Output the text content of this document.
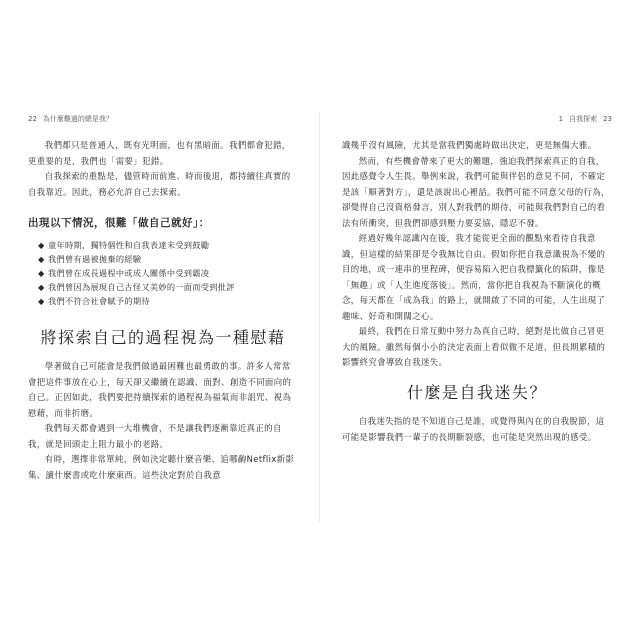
22 為什麼難過的總是我？

我們都只是普通人，既有光明面，也有黑暗面。我們都會犯錯，更重要的是，我們也「需要」犯錯。

自我探索的重點是，儘管時而前進、時而後退，都持續往真實的自我靠近。因此，務必允許自己去探索。

出現以下情況，很難「做自己就好」：
◆ 童年時期，獨特個性和自我表達未受到鼓勵
◆ 我們曾有過被拋棄的經驗
◆ 我們曾在成長過程中或成人關係中受到霸凌
◆ 我們曾因為展現自己古怪又美妙的一面而受到批評
◆ 我們不符合社會賦予的期待
將探索自己的過程視為一種慰藉

學著做自己可能會是我們做過最困難也最勇敢的事。許多人常常會把這件事放在心上，每天卻又繼續在認識、面對、創造不同面向的自己。正因如此，我們要把持續探索的過程視為福氣而非詛咒、視為慰藉，而非折磨。

我們每天都會遇到一大堆機會，不是讓我們逐漸靠近真正的自我，就是回頭走上阻力最小的老路。

有時，選擇非常單純，例如決定聽什麼音樂、追哪齣Netflix新影集、讀什麼書或吃什麼東西。這些決定對於自我意

1 自我探索 23

識幾乎沒有風險，尤其是當我們獨處時做出決定，更是無傷大雅。

然而，有些機會帶來了更大的難題，強迫我們探索真正的自我，因此感覺令人生畏。舉例來說，我們可能與伴侶的意見不同，不確定是該「順著對方」，還是該說出心裡話。我們可能不同意父母的行為，卻覺得自己沒資格發言，別人對我們的期待，可能與我們對自己的看法有所衝突，但我們卻感到壓力要妥協，隱忍不發。

經過好幾年認識內在後，我才能從更全面的觀點來看待自我意識，但這樣的結果卻是令我無比自由。假如你把自我意識視為不變的目的地，或一連串的里程碑，便容易陷入把自我標籤化的陷阱，像是「無趣」或「人生進度落後」。然而，當你把自我視為不斷演化的概念，每天都在「成為我」的路上，就開啟了不同的可能，人生出現了趣味、好奇和開闊之心。

最終，我們在日常互動中努力為真自己時，絕對是比做自己冒更大的風險。雖然每個小小的決定表面上看似微不足道，但長期累積的影響終究會導致自我迷失。

什麼是自我迷失？

自我迷失指的是不知道自己是誰，或覺得與內在的自我脫節，這可能是影響我們一輩子的長期斷裂感，也可能是突然出現的感受。
